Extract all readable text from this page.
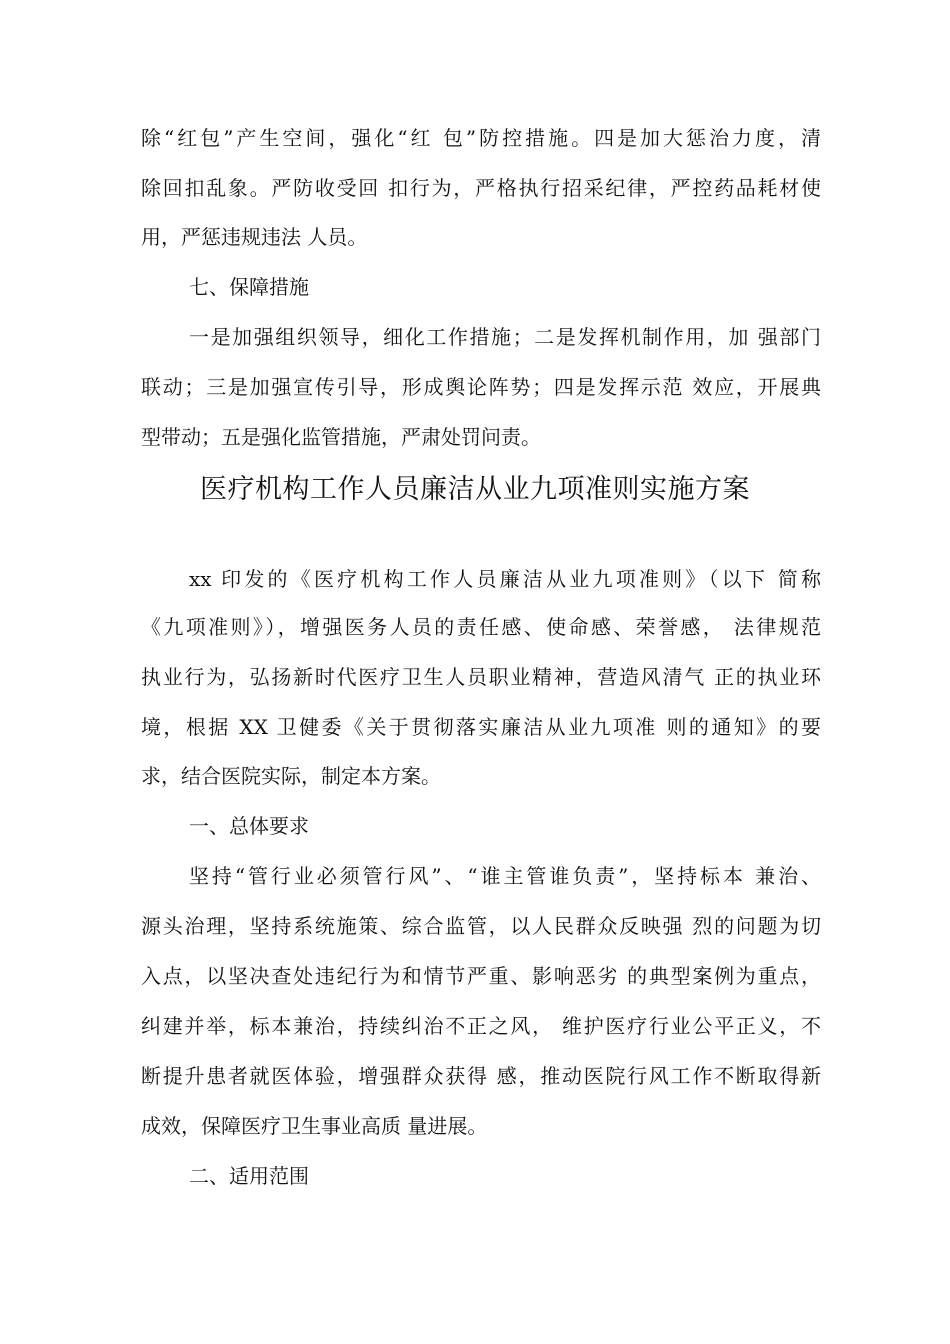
除“红包”产生空间，强化“红 包”防控措施。四是加大惩治力度，清
除回扣乱象。严防收受回 扣行为，严格执行招采纪律，严控药品耗材使
用，严惩违规违法 人员。
七、保障措施
一是加强组织领导，细化工作措施；二是发挥机制作用，加 强部门
联动；三是加强宣传引导，形成舆论阵势；四是发挥示范 效应，开展典
型带动；五是强化监管措施，严肃处罚问责。
医疗机构工作人员廉洁从业九项准则实施方案
xx 印发的《医疗机构工作人员廉洁从业九项准则》（以下 简称
《九项准则》），增强医务人员的责任感、使命感、荣誉感， 法律规范
执业行为，弘扬新时代医疗卫生人员职业精神，营造风清气 正的执业环
境，根据 XX 卫健委《关于贯彻落实廉洁从业九项准 则的通知》的要
求，结合医院实际，制定本方案。
一、总体要求
坚持“管行业必须管行风”、“谁主管谁负责”，坚持标本 兼治、
源头治理，坚持系统施策、综合监管，以人民群众反映强 烈的问题为切
入点，以坚决查处违纪行为和情节严重、影响恶劣 的典型案例为重点，
纠建并举，标本兼治，持续纠治不正之风， 维护医疗行业公平正义，不
断提升患者就医体验，增强群众获得 感，推动医院行风工作不断取得新
成效，保障医疗卫生事业高质 量进展。
二、适用范围
